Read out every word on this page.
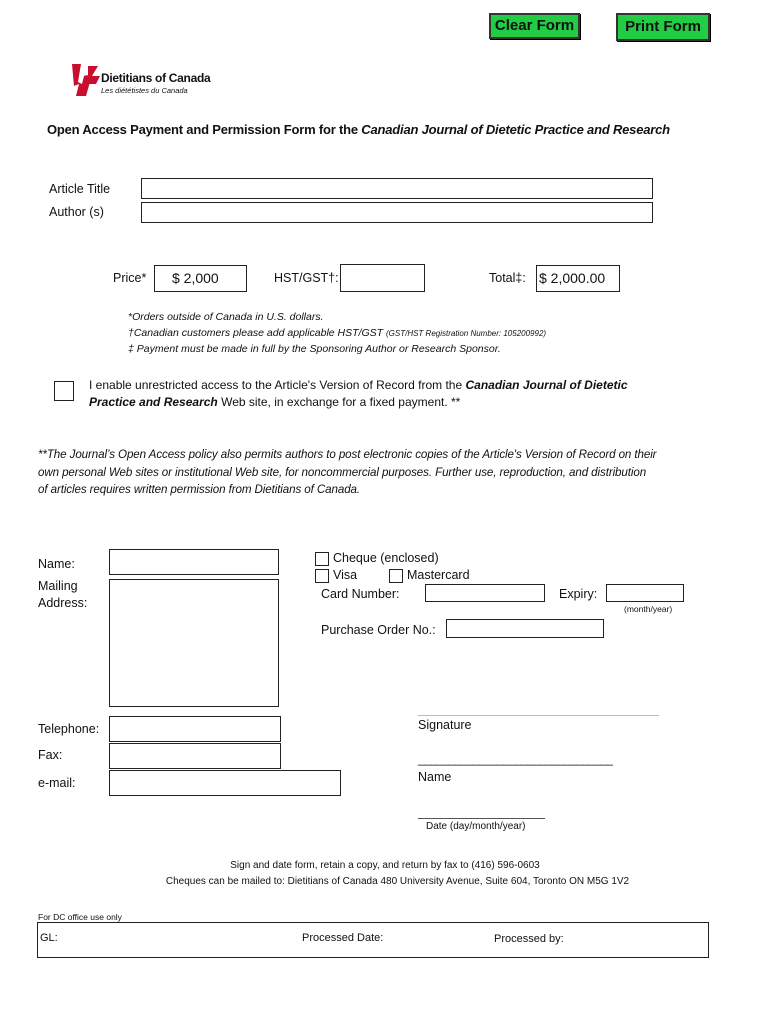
Clear Form	Print Form
Dietitians of Canada
Les diététistes du Canada
Open Access Payment and Permission Form for the Canadian Journal of Dietetic Practice and Research
Article Title
Author (s)
Price*	$ 2,000	HST/GST†:	Total‡: $ 2,000.00
*Orders outside of Canada in U.S. dollars.
†Canadian customers please add applicable HST/GST (GST/HST Registration Number: 105200992)
‡ Payment must be made in full by the Sponsoring Author or Research Sponsor.
I enable unrestricted access to the Article's Version of Record from the Canadian Journal of Dietetic
Practice and Research Web site, in exchange for a fixed payment. **
**The Journal’s Open Access policy also permits authors to post electronic copies of the Article's Version of Record on their
own personal Web sites or institutional Web site, for noncommercial purposes. Further use, reproduction, and distribution
of articles requires written permission from Dietitians of Canada.
Name:
Mailing
Address:
Telephone:
Fax:
e-mail:
Cheque (enclosed)
Visa	Mastercard
Card Number:	Expiry:
(month/year)
Purchase Order No.:
Signature
________________________________
Name
Date (day/month/year)
Sign and date form, retain a copy, and return by fax to (416) 596-0603
Cheques can be mailed to: Dietitians of Canada 480 University Avenue, Suite 604, Toronto ON M5G 1V2
For DC office use only
GL:	Processed Date:	Processed by:
